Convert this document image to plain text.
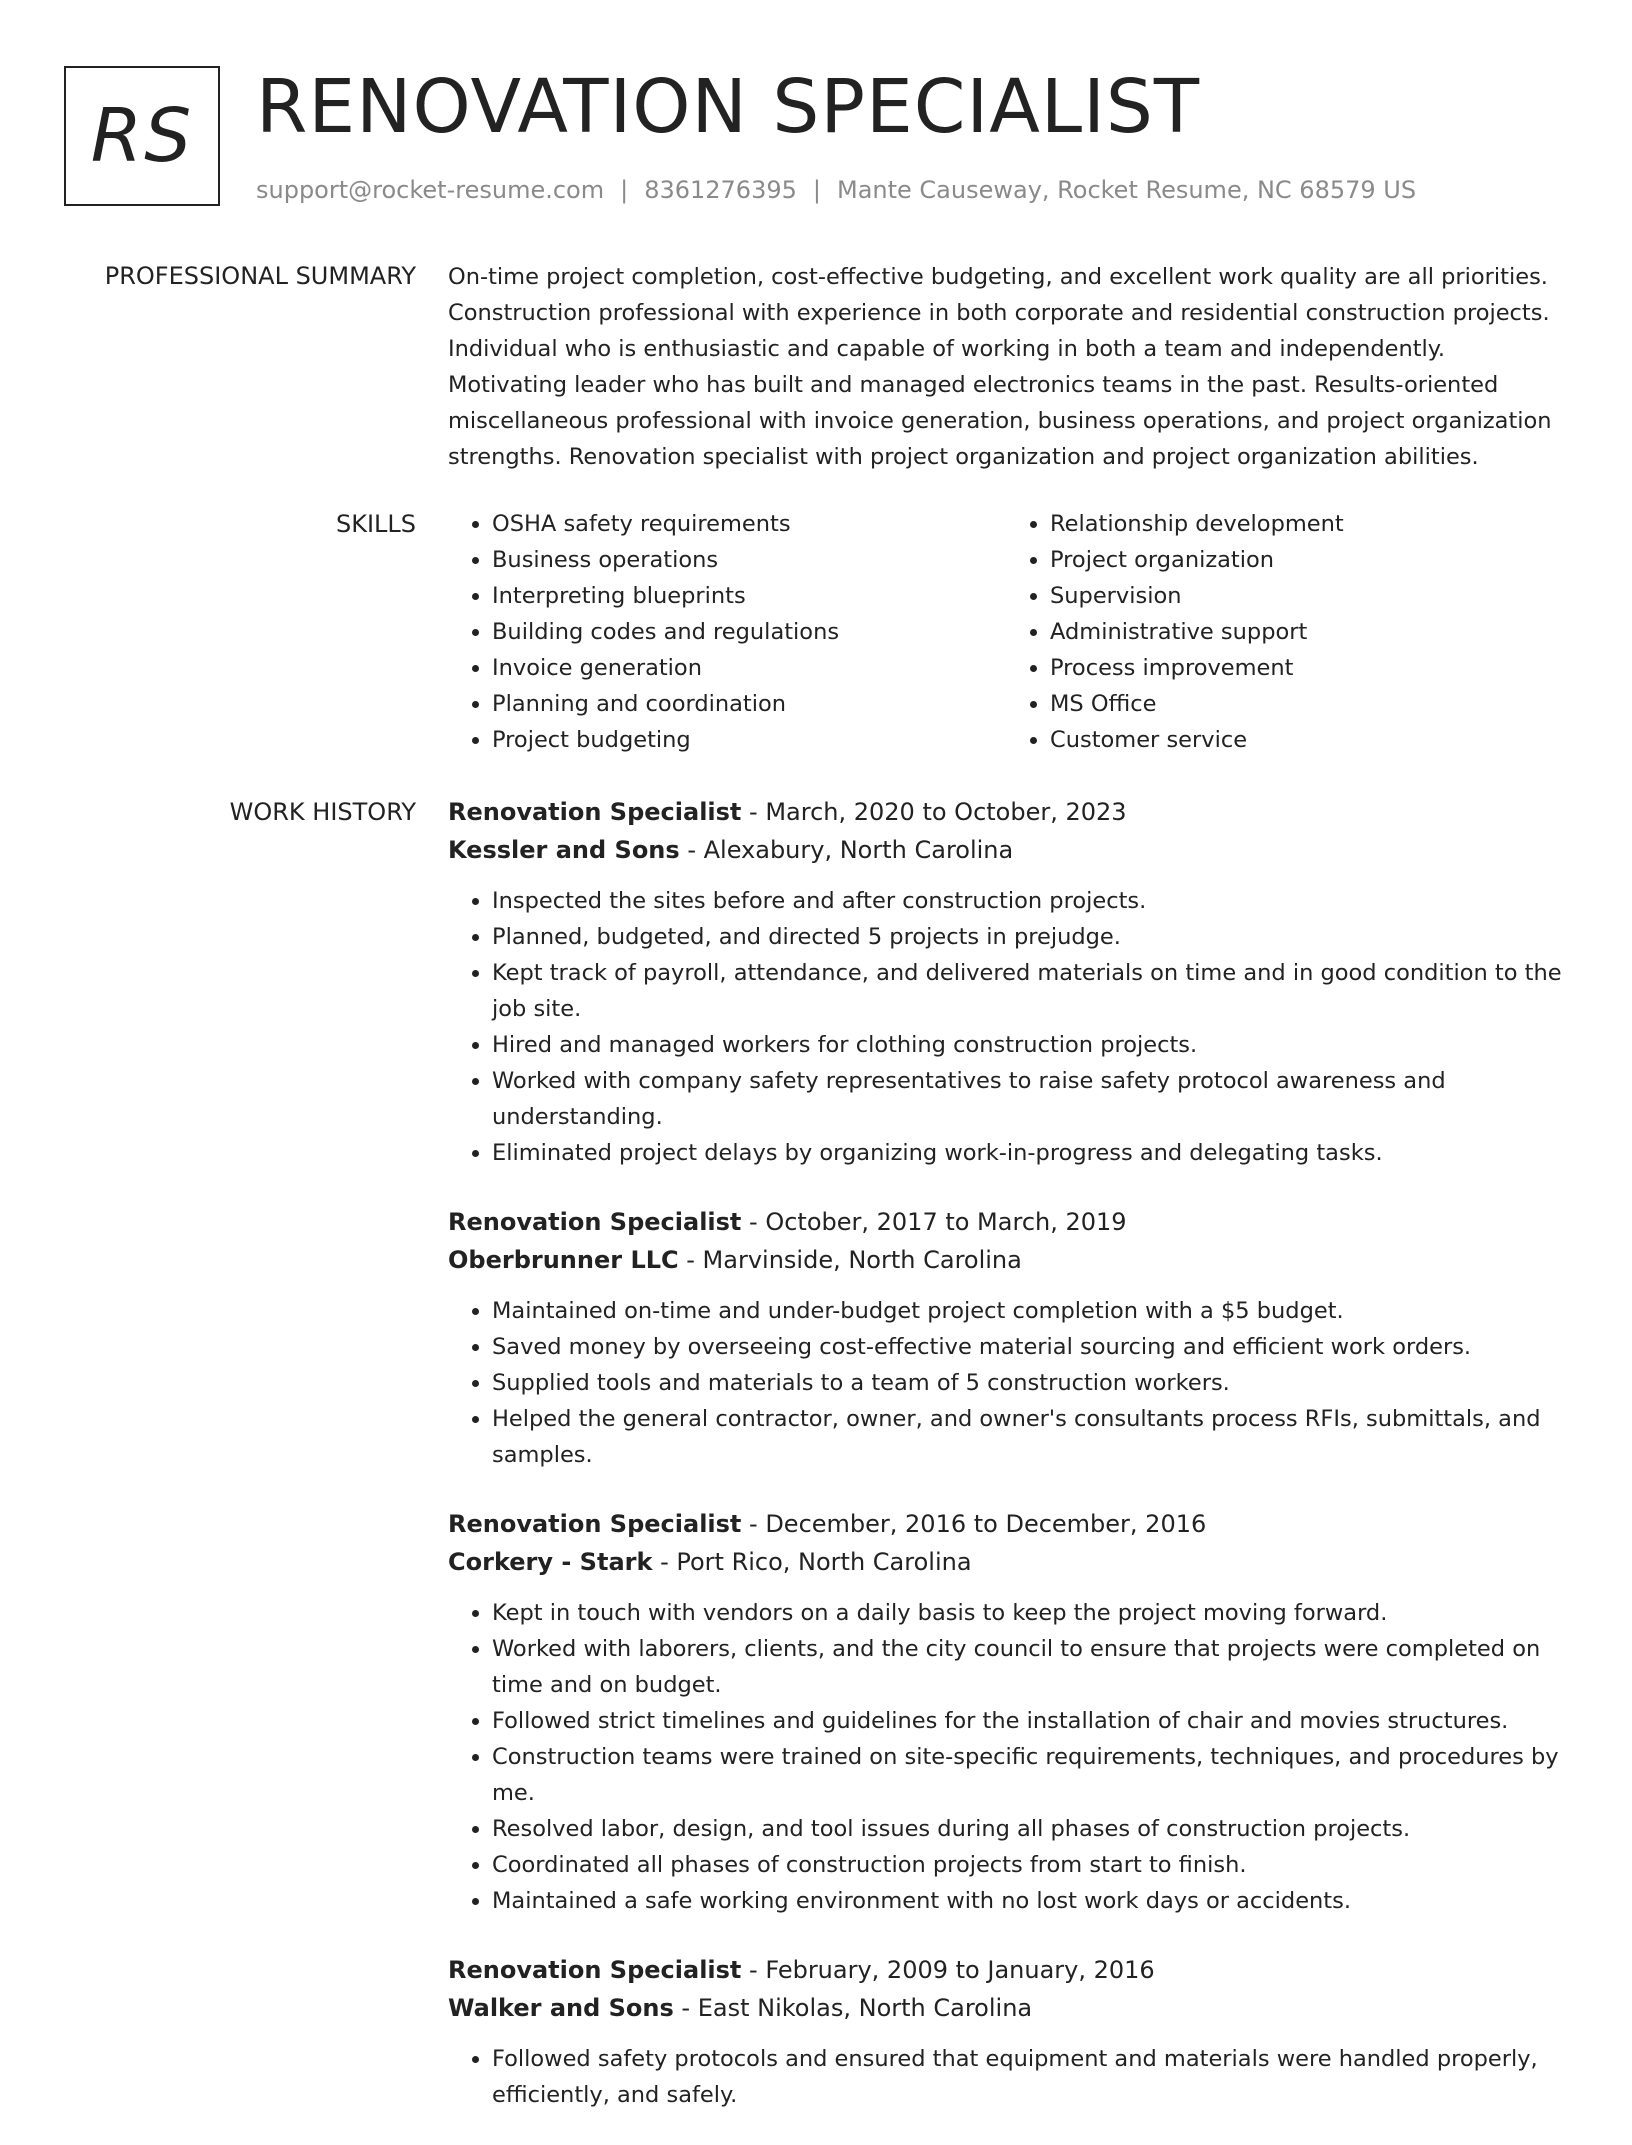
RS RENOVATION SPECIALIST
support@rocket-resume.com | 8361276395 | Mante Causeway, Rocket Resume, NC 68579 US
PROFESSIONAL SUMMARY On-time project completion, cost-effective budgeting, and excellent work quality are all priorities. Construction professional with experience in both corporate and residential construction projects. Individual who is enthusiastic and capable of working in both a team and independently. Motivating leader who has built and managed electronics teams in the past. Results-oriented miscellaneous professional with invoice generation, business operations, and project organization strengths. Renovation specialist with project organization and project organization abilities.

SKILLS
•	OSHA safety requirements
• Business operations
• Interpreting blueprints
• Building codes and regulations
• Invoice generation
• Planning and coordination
• Project budgeting
• Relationship development
• Project organization
• Supervision
• Administrative support
• Process improvement
• MS Office
• Customer service
WORK HISTORY Renovation Specialist - March, 2020 to October, 2023
Kessler and Sons - Alexabury, North Carolina
• Inspected the sites before and after construction projects.
• Planned, budgeted, and directed 5 projects in prejudge.
• Kept track of payroll, attendance, and delivered materials on time and in good condition to the job site.
• Hired and managed workers for clothing construction projects.
• Worked with company safety representatives to raise safety protocol awareness and understanding.
• Eliminated project delays by organizing work-in-progress and delegating tasks.
Renovation Specialist - October, 2017 to March, 2019
Oberbrunner LLC - Marvinside, North Carolina
• Maintained on-time and under-budget project completion with a $5 budget.
• Saved money by overseeing cost-effective material sourcing and efficient work orders.
• Supplied tools and materials to a team of 5 construction workers.
• Helped the general contractor, owner, and owner's consultants process RFIs, submittals, and samples.
Renovation Specialist - December, 2016 to December, 2016
Corkery - Stark - Port Rico, North Carolina
• Kept in touch with vendors on a daily basis to keep the project moving forward.
• Worked with laborers, clients, and the city council to ensure that projects were completed on time and on budget.
• Followed strict timelines and guidelines for the installation of chair and movies structures.
• Construction teams were trained on site-specific requirements, techniques, and procedures by me.
• Resolved labor, design, and tool issues during all phases of construction projects.
• Coordinated all phases of construction projects from start to finish.
• Maintained a safe working environment with no lost work days or accidents.
Renovation Specialist - February, 2009 to January, 2016
Walker and Sons - East Nikolas, North Carolina
• Followed safety protocols and ensured that equipment and materials were handled properly, efficiently, and safely.
